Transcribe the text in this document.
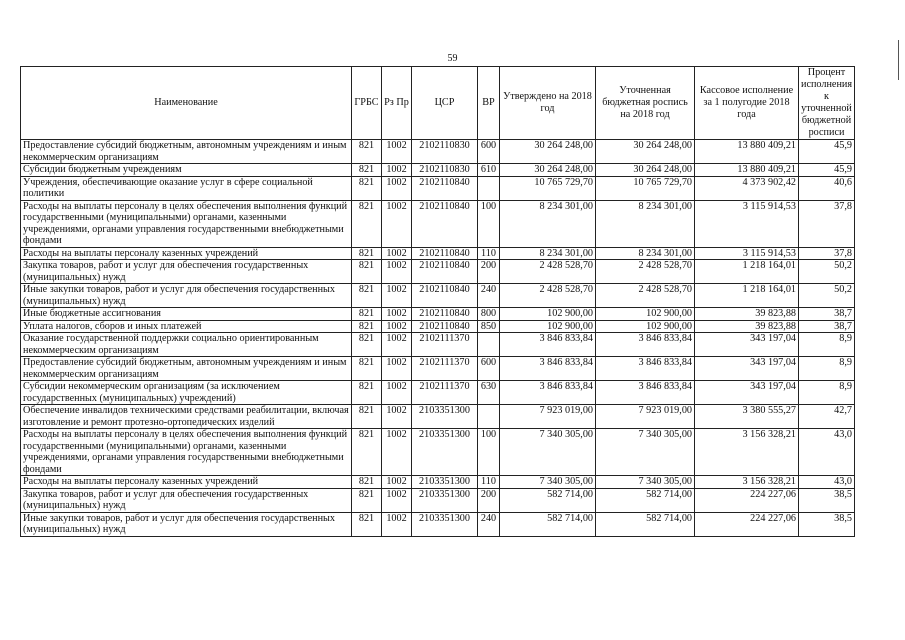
59
Наименование	ГРБС	Рз Пр	ЦСР	ВР	Утверждено на 2018 год	Уточненная бюджетная роспись на 2018 год	Кассовое исполнение за 1 полугодие 2018 года	Процент исполнения к уточненной бюджетной росписи
Предоставление субсидий бюджетным, автономным учреждениям и иным некоммерческим организациям	821	1002	2102110830	600	30 264 248,00	30 264 248,00	13 880 409,21	45,9
Субсидии бюджетным учреждениям	821	1002	2102110830	610	30 264 248,00	30 264 248,00	13 880 409,21	45,9
Учреждения, обеспечивающие оказание услуг в сфере социальной политики	821	1002	2102110840		10 765 729,70	10 765 729,70	4 373 902,42	40,6
Расходы на выплаты персоналу в целях обеспечения выполнения функций государственными (муниципальными) органами, казенными учреждениями, органами управления государственными внебюджетными фондами	821	1002	2102110840	100	8 234 301,00	8 234 301,00	3 115 914,53	37,8
Расходы на выплаты персоналу казенных учреждений	821	1002	2102110840	110	8 234 301,00	8 234 301,00	3 115 914,53	37,8
Закупка товаров, работ и услуг для обеспечения государственных (муниципальных) нужд	821	1002	2102110840	200	2 428 528,70	2 428 528,70	1 218 164,01	50,2
Иные закупки товаров, работ и услуг для обеспечения государственных (муниципальных) нужд	821	1002	2102110840	240	2 428 528,70	2 428 528,70	1 218 164,01	50,2
Иные бюджетные ассигнования	821	1002	2102110840	800	102 900,00	102 900,00	39 823,88	38,7
Уплата налогов, сборов и иных платежей	821	1002	2102110840	850	102 900,00	102 900,00	39 823,88	38,7
Оказание государственной поддержки социально ориентированным некоммерческим организациям	821	1002	2102111370		3 846 833,84	3 846 833,84	343 197,04	8,9
Предоставление субсидий бюджетным, автономным учреждениям и иным некоммерческим организациям	821	1002	2102111370	600	3 846 833,84	3 846 833,84	343 197,04	8,9
Субсидии некоммерческим организациям (за исключением государственных (муниципальных) учреждений)	821	1002	2102111370	630	3 846 833,84	3 846 833,84	343 197,04	8,9
Обеспечение инвалидов техническими средствами реабилитации, включая изготовление и ремонт протезно-ортопедических изделий	821	1002	2103351300		7 923 019,00	7 923 019,00	3 380 555,27	42,7
Расходы на выплаты персоналу в целях обеспечения выполнения функций государственными (муниципальными) органами, казенными учреждениями, органами управления государственными внебюджетными фондами	821	1002	2103351300	100	7 340 305,00	7 340 305,00	3 156 328,21	43,0
Расходы на выплаты персоналу казенных учреждений	821	1002	2103351300	110	7 340 305,00	7 340 305,00	3 156 328,21	43,0
Закупка товаров, работ и услуг для обеспечения государственных (муниципальных) нужд	821	1002	2103351300	200	582 714,00	582 714,00	224 227,06	38,5
Иные закупки товаров, работ и услуг для обеспечения государственных (муниципальных) нужд	821	1002	2103351300	240	582 714,00	582 714,00	224 227,06	38,5
